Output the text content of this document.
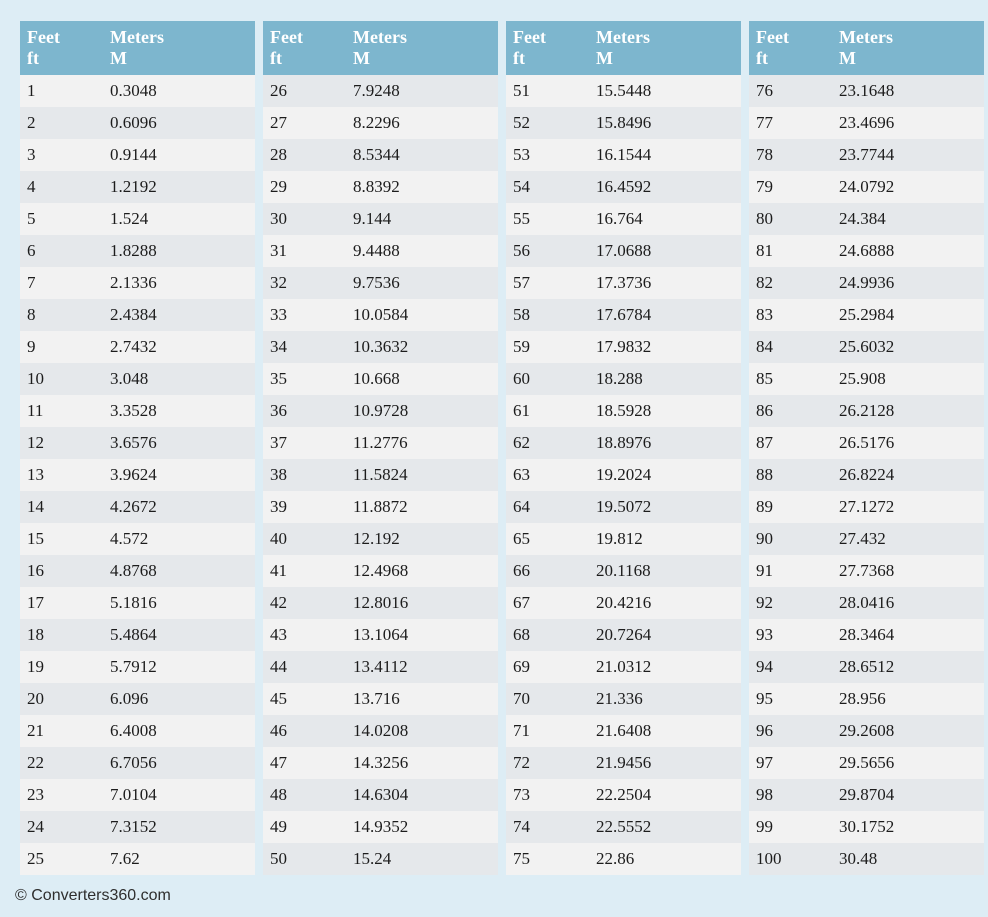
Feet
ft
Meters
M
1	0.3048
2	0.6096
3	0.9144
4	1.2192
5	1.524
6	1.8288
7	2.1336
8	2.4384
9	2.7432
10	3.048
11	3.3528
12	3.6576
13	3.9624
14	4.2672
15	4.572
16	4.8768
17	5.1816
18	5.4864
19	5.7912
20	6.096
21	6.4008
22	6.7056
23	7.0104
24	7.3152
25	7.62
Feet
ft
Meters
M
26	7.9248
27	8.2296
28	8.5344
29	8.8392
30	9.144
31	9.4488
32	9.7536
33	10.0584
34	10.3632
35	10.668
36	10.9728
37	11.2776
38	11.5824
39	11.8872
40	12.192
41	12.4968
42	12.8016
43	13.1064
44	13.4112
45	13.716
46	14.0208
47	14.3256
48	14.6304
49	14.9352
50	15.24
Feet
ft
Meters
M
51	15.5448
52	15.8496
53	16.1544
54	16.4592
55	16.764
56	17.0688
57	17.3736
58	17.6784
59	17.9832
60	18.288
61	18.5928
62	18.8976
63	19.2024
64	19.5072
65	19.812
66	20.1168
67	20.4216
68	20.7264
69	21.0312
70	21.336
71	21.6408
72	21.9456
73	22.2504
74	22.5552
75	22.86
Feet
ft
Meters
M
76	23.1648
77	23.4696
78	23.7744
79	24.0792
80	24.384
81	24.6888
82	24.9936
83	25.2984
84	25.6032
85	25.908
86	26.2128
87	26.5176
88	26.8224
89	27.1272
90	27.432
91	27.7368
92	28.0416
93	28.3464
94	28.6512
95	28.956
96	29.2608
97	29.5656
98	29.8704
99	30.1752
100	30.48
© Converters360.com
